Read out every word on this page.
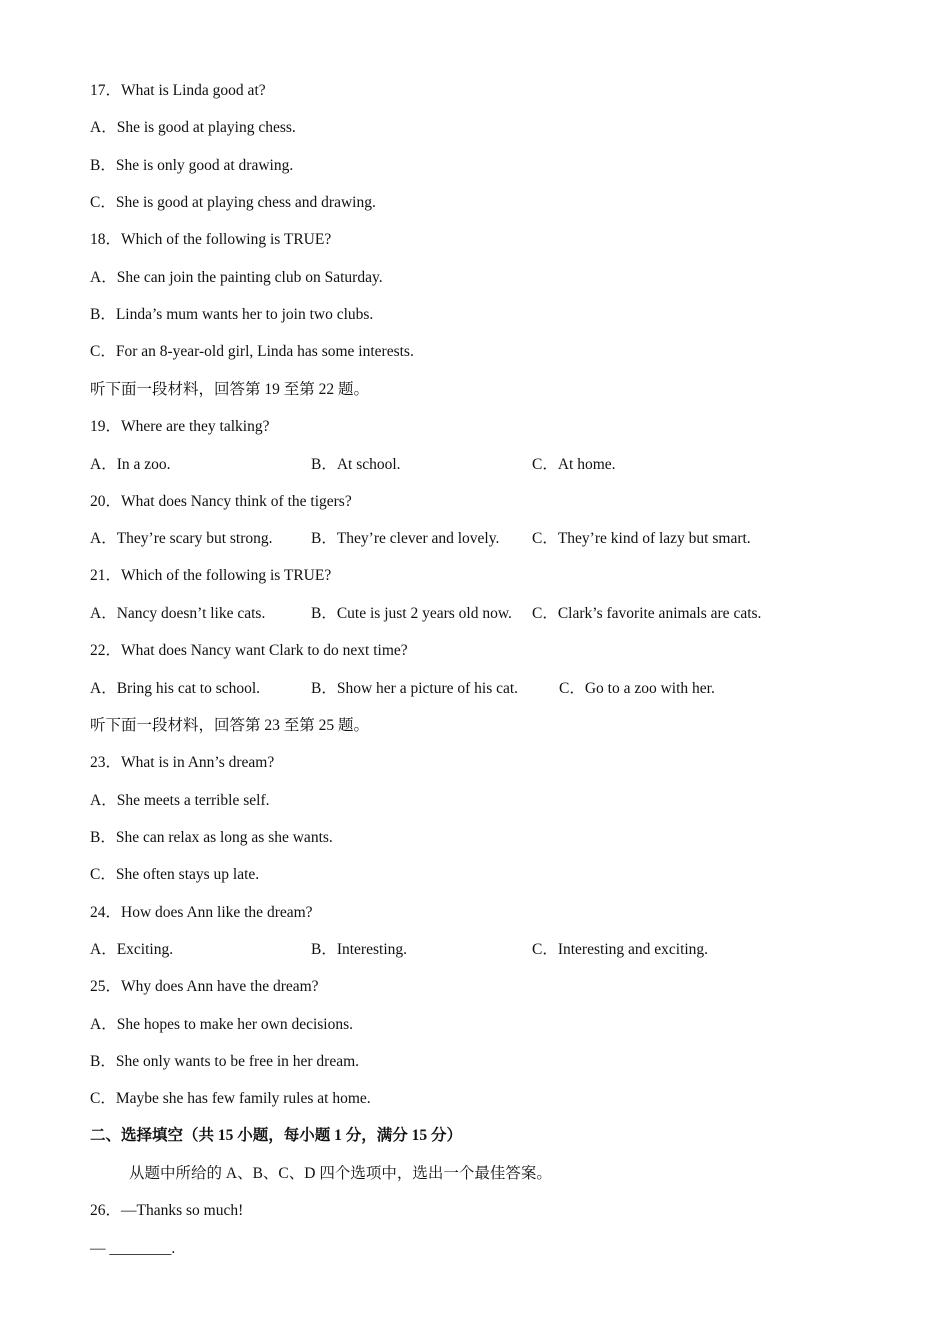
17．What is Linda good at?
A．She is good at playing chess.
B．She is only good at drawing.
C．She is good at playing chess and drawing.
18．Which of the following is TRUE?
A．She can join the painting club on Saturday.
B．Linda’s mum wants her to join two clubs.
C．For an 8-year-old girl, Linda has some interests.
听下面一段材料，回答第 19 至第 22 题。
19．Where are they talking?
A．In a zoo.	B．At school.	C．At home.
20．What does Nancy think of the tigers?
A．They’re scary but strong. B．They’re clever and lovely. C．They’re kind of lazy but smart.
21．Which of the following is TRUE?
A．Nancy doesn’t like cats.	B．Cute is just 2 years old now. C．Clark’s favorite animals are cats.
22．What does Nancy want Clark to do next time?
A．Bring his cat to school.	B．Show her a picture of his cat.	C．Go to a zoo with her.
听下面一段材料，回答第 23 至第 25 题。
23．What is in Ann’s dream?
A．She meets a terrible self.
B．She can relax as long as she wants.
C．She often stays up late.
24．How does Ann like the dream?
A．Exciting.	B．Interesting.	C．Interesting and exciting.
25．Why does Ann have the dream?
A．She hopes to make her own decisions.
B．She only wants to be free in her dream.
C．Maybe she has few family rules at home.
二、选择填空（共 15 小题，每小题 1 分，满分 15 分）
从题中所给的 A、B、C、D 四个选项中，选出一个最佳答案。
26．—Thanks so much!
— ________.
